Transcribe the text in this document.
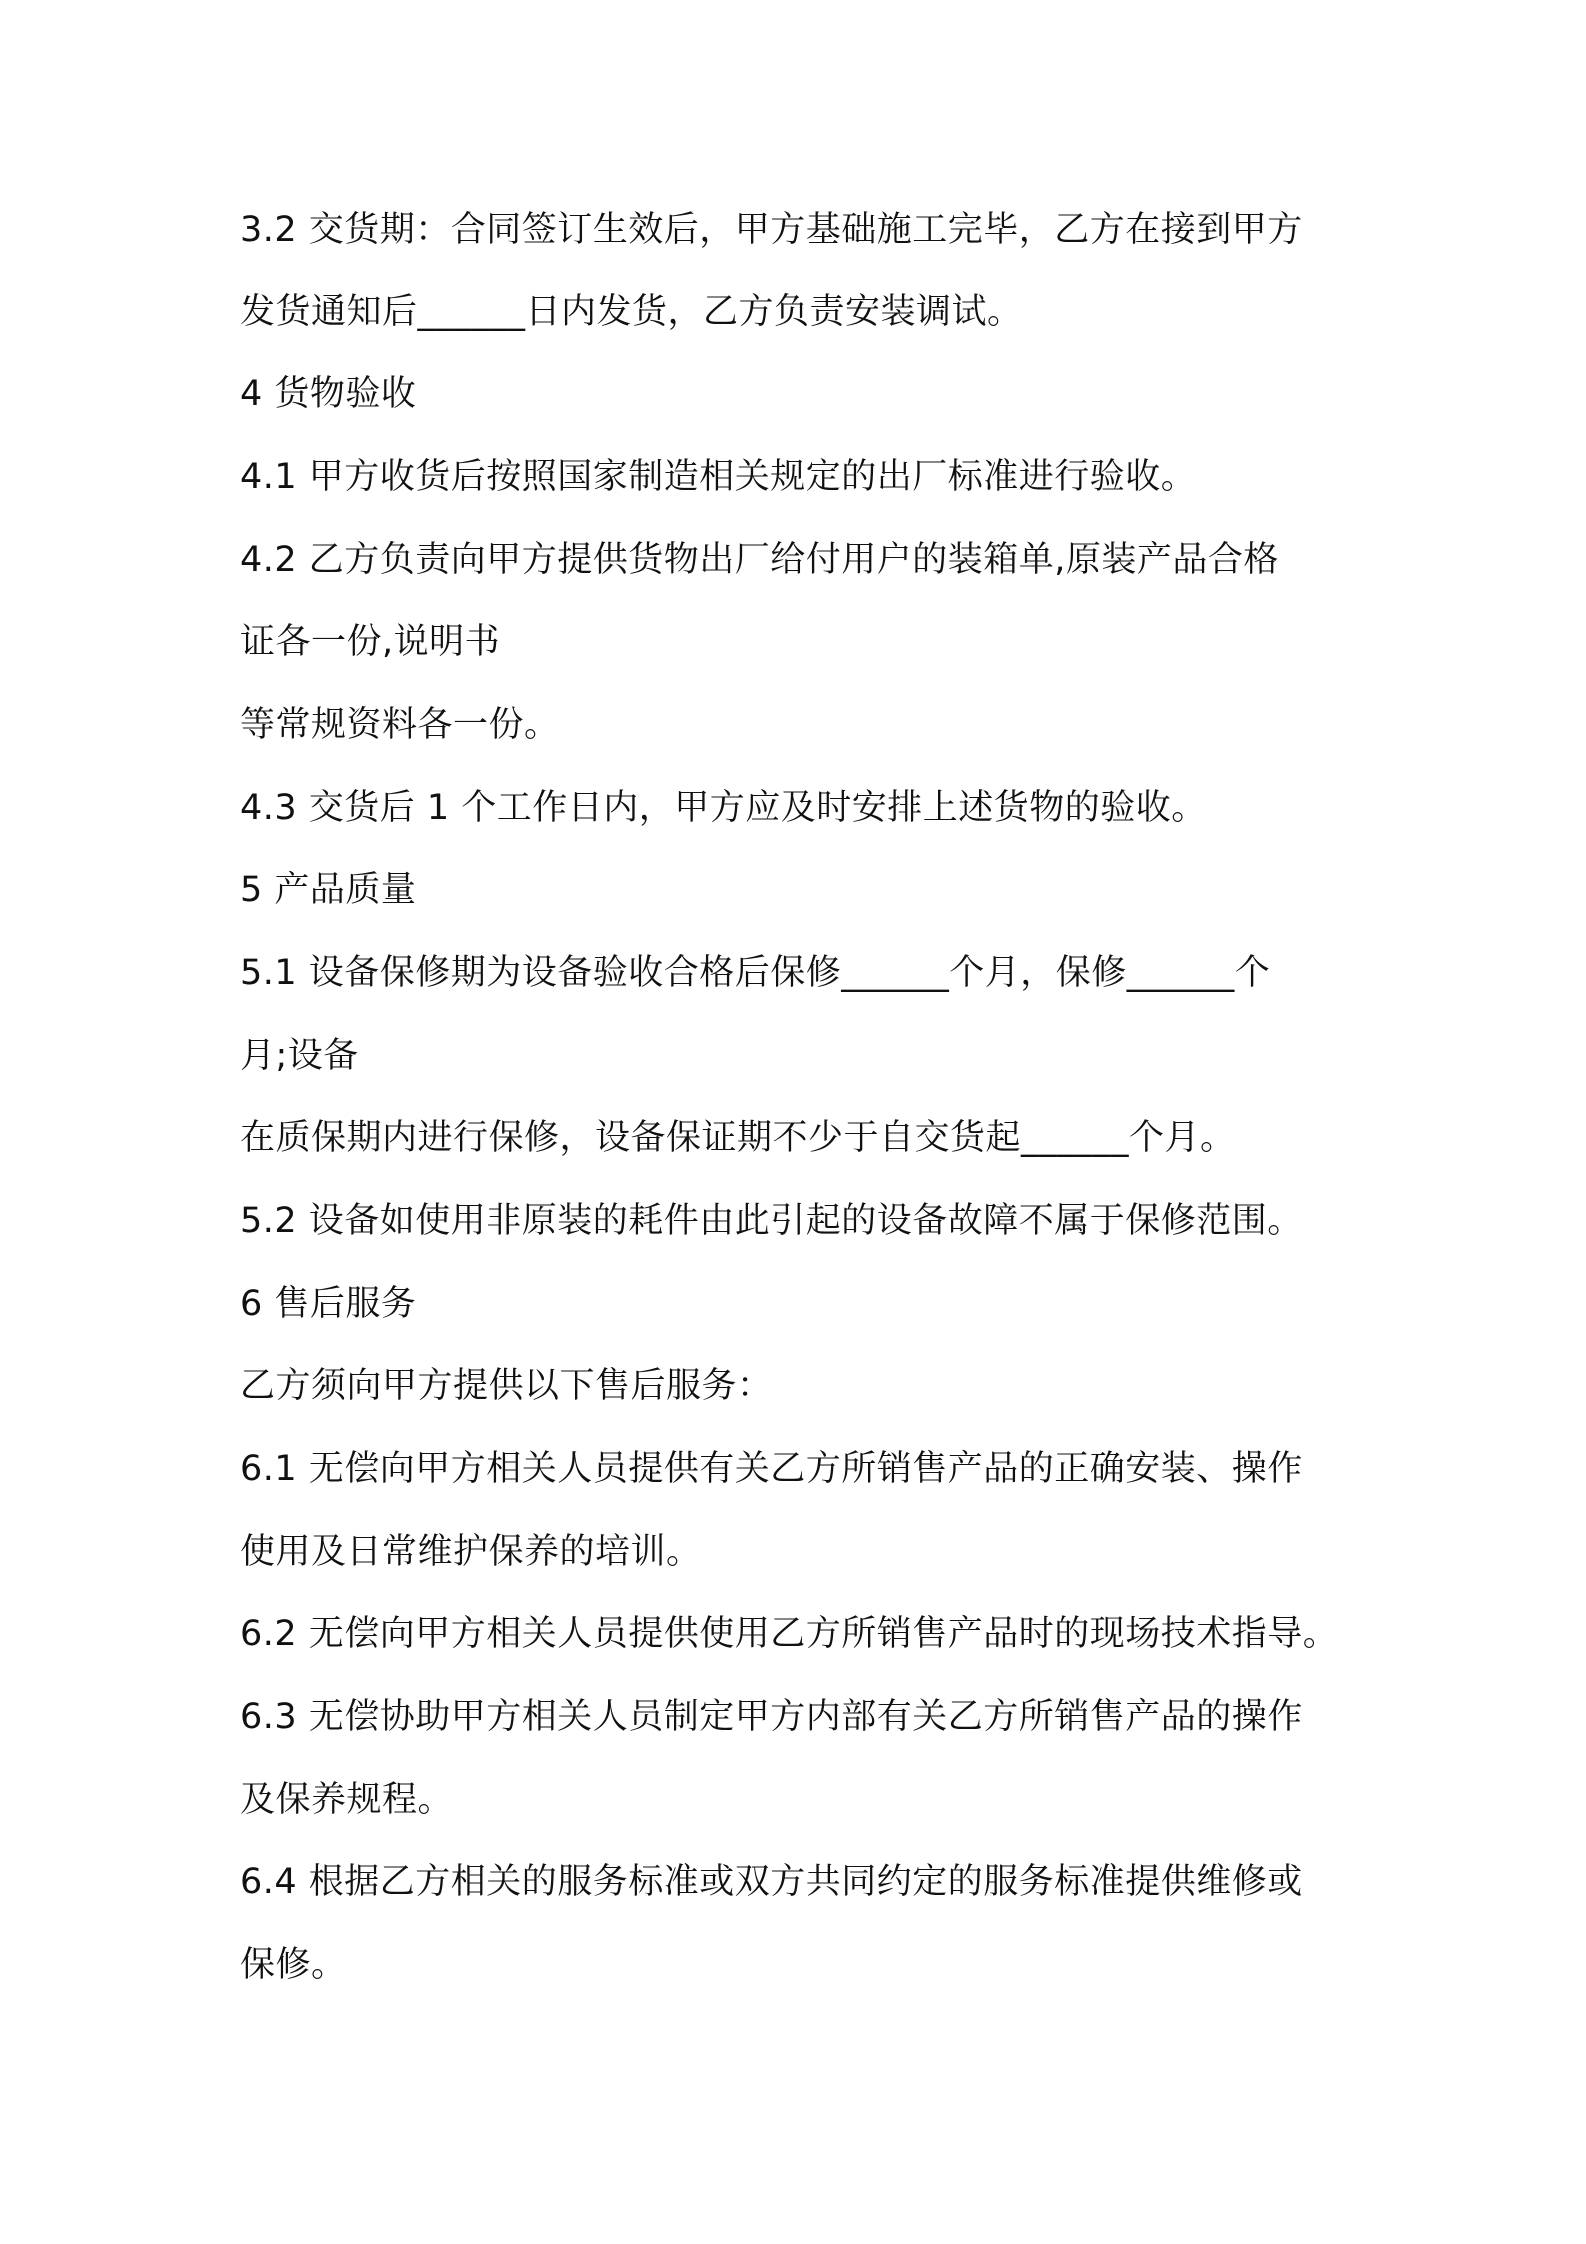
3.2 交货期：合同签订生效后，甲方基础施工完毕，乙方在接到甲方
发货通知后______日内发货，乙方负责安装调试。
4 货物验收
4.1 甲方收货后按照国家制造相关规定的出厂标准进行验收。
4.2 乙方负责向甲方提供货物出厂给付用户的装箱单,原装产品合格
证各一份,说明书
等常规资料各一份。
4.3 交货后 1 个工作日内，甲方应及时安排上述货物的验收。
5 产品质量
5.1 设备保修期为设备验收合格后保修______个月，保修______个
月;设备
在质保期内进行保修，设备保证期不少于自交货起______个月。
5.2 设备如使用非原装的耗件由此引起的设备故障不属于保修范围。
6 售后服务
乙方须向甲方提供以下售后服务：
6.1 无偿向甲方相关人员提供有关乙方所销售产品的正确安装、操作
使用及日常维护保养的培训。
6.2 无偿向甲方相关人员提供使用乙方所销售产品时的现场技术指导。
6.3 无偿协助甲方相关人员制定甲方内部有关乙方所销售产品的操作
及保养规程。
6.4 根据乙方相关的服务标准或双方共同约定的服务标准提供维修或
保修。
